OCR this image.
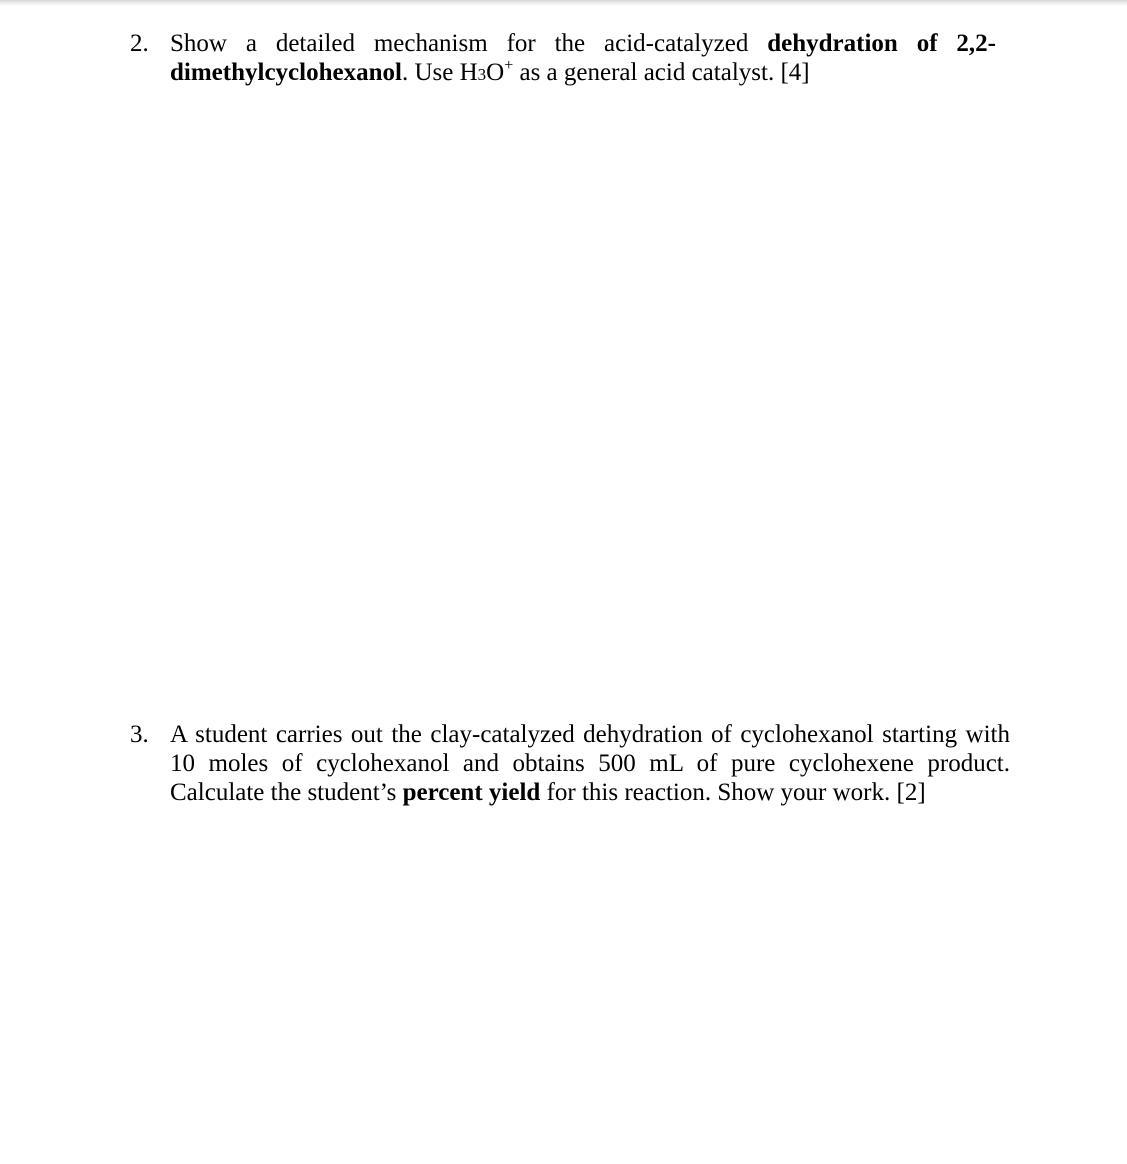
2. Show a detailed mechanism for the acid-catalyzed dehydration of 2,2-
dimethylcyclohexanol. Use H3O+ as a general acid catalyst. [4]
3. A student carries out the clay-catalyzed dehydration of cyclohexanol starting with
10 moles of cyclohexanol and obtains 500 mL of pure cyclohexene product.
Calculate the student’s percent yield for this reaction. Show your work. [2]
